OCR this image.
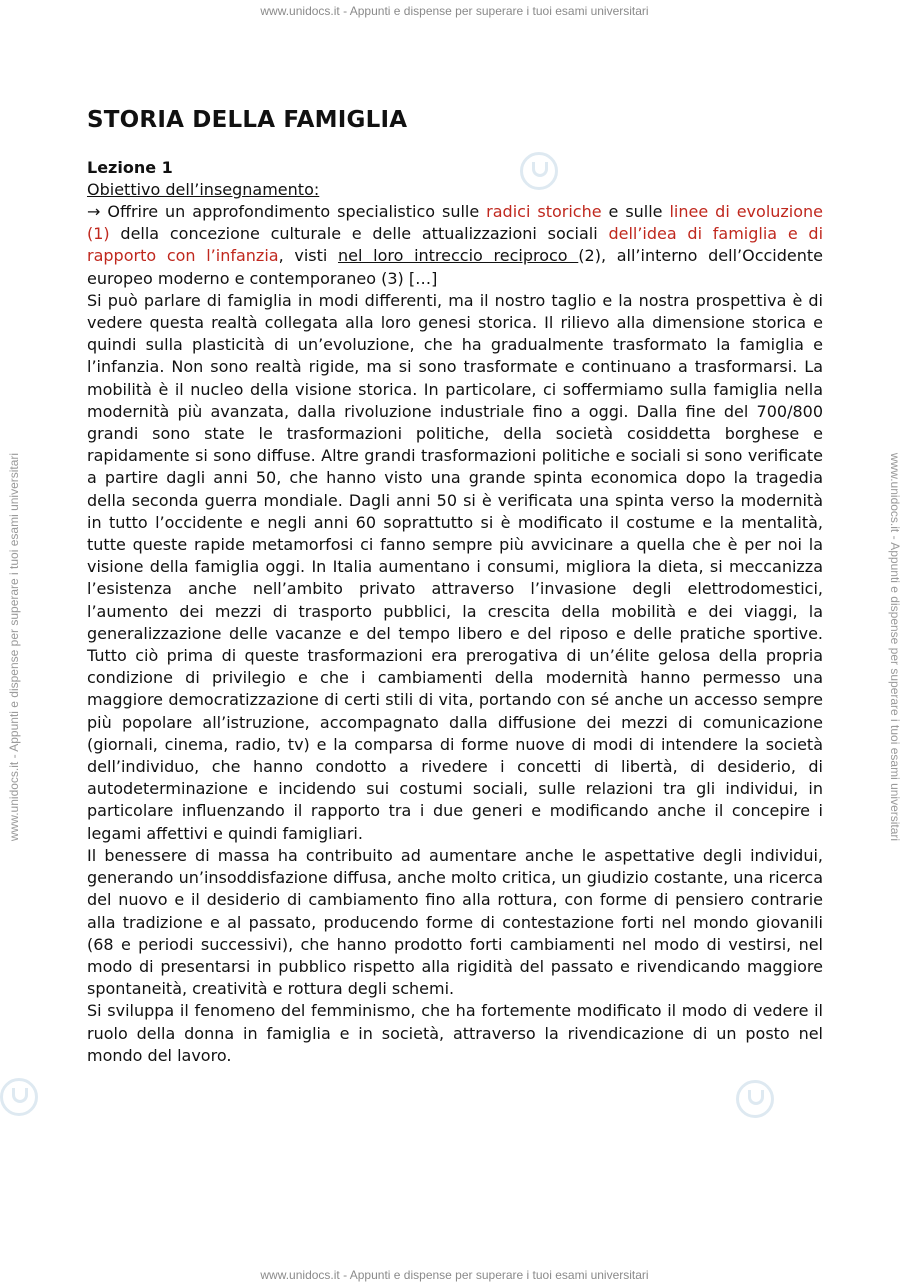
www.unidocs.it - Appunti e dispense per superare i tuoi esami universitari
www.unidocs.it - Appunti e dispense per superare i tuoi esami universitari
www.unidocs.it - Appunti e dispense per superare i tuoi esami universitari	www.unidocs.it - Appunti e dispense per superare i tuoi esami universitari
STORIA DELLA FAMIGLIA

Lezione 1

Obiettivo dell’insegnamento:

→ Offrire un approfondimento specialistico sulle radici storiche e sulle linee di evoluzione (1) della concezione culturale e delle attualizzazioni sociali dell’idea di famiglia e di rapporto con l’infanzia, visti nel loro intreccio reciproco (2), all’interno dell’Occidente europeo moderno e contemporaneo (3) […]

Si può parlare di famiglia in modi differenti, ma il nostro taglio e la nostra prospettiva è di vedere questa realtà collegata alla loro genesi storica. Il rilievo alla dimensione storica e quindi sulla plasticità di un’evoluzione, che ha gradualmente trasformato la famiglia e l’infanzia. Non sono realtà rigide, ma si sono trasformate e continuano a trasformarsi. La mobilità è il nucleo della visione storica. In particolare, ci soffermiamo sulla famiglia nella modernità più avanzata, dalla rivoluzione industriale fino a oggi. Dalla fine del 700/800 grandi sono state le trasformazioni politiche, della società cosiddetta borghese e rapidamente si sono diffuse. Altre grandi trasformazioni politiche e sociali si sono verificate a partire dagli anni 50, che hanno visto una grande spinta economica dopo la tragedia della seconda guerra mondiale. Dagli anni 50 si è verificata una spinta verso la modernità in tutto l’occidente e negli anni 60 soprattutto si è modificato il costume e la mentalità, tutte queste rapide metamorfosi ci fanno sempre più avvicinare a quella che è per noi la visione della famiglia oggi. In Italia aumentano i consumi, migliora la dieta, si meccanizza l’esistenza anche nell’ambito privato attraverso l’invasione degli elettrodomestici, l’aumento dei mezzi di trasporto pubblici, la crescita della mobilità e dei viaggi, la generalizzazione delle vacanze e del tempo libero e del riposo e delle pratiche sportive. Tutto ciò prima di queste trasformazioni era prerogativa di un’élite gelosa della propria condizione di privilegio e che i cambiamenti della modernità hanno permesso una maggiore democratizzazione di certi stili di vita, portando con sé anche un accesso sempre più popolare all’istruzione, accompagnato dalla diffusione dei mezzi di comunicazione (giornali, cinema, radio, tv) e la comparsa di forme nuove di modi di intendere la società dell’individuo, che hanno condotto a rivedere i concetti di libertà, di desiderio, di autodeterminazione e incidendo sui costumi sociali, sulle relazioni tra gli individui, in particolare influenzando il rapporto tra i due generi e modificando anche il concepire i legami affettivi e quindi famigliari.

Il benessere di massa ha contribuito ad aumentare anche le aspettative degli individui, generando un’insoddisfazione diffusa, anche molto critica, un giudizio costante, una ricerca del nuovo e il desiderio di cambiamento fino alla rottura, con forme di pensiero contrarie alla tradizione e al passato, producendo forme di contestazione forti nel mondo giovanili (68 e periodi successivi), che hanno prodotto forti cambiamenti nel modo di vestirsi, nel modo di presentarsi in pubblico rispetto alla rigidità del passato e rivendicando maggiore spontaneità, creatività e rottura degli schemi.

Si sviluppa il fenomeno del femminismo, che ha fortemente modificato il modo di vedere il ruolo della donna in famiglia e in società, attraverso la rivendicazione di un posto nel mondo del lavoro.
